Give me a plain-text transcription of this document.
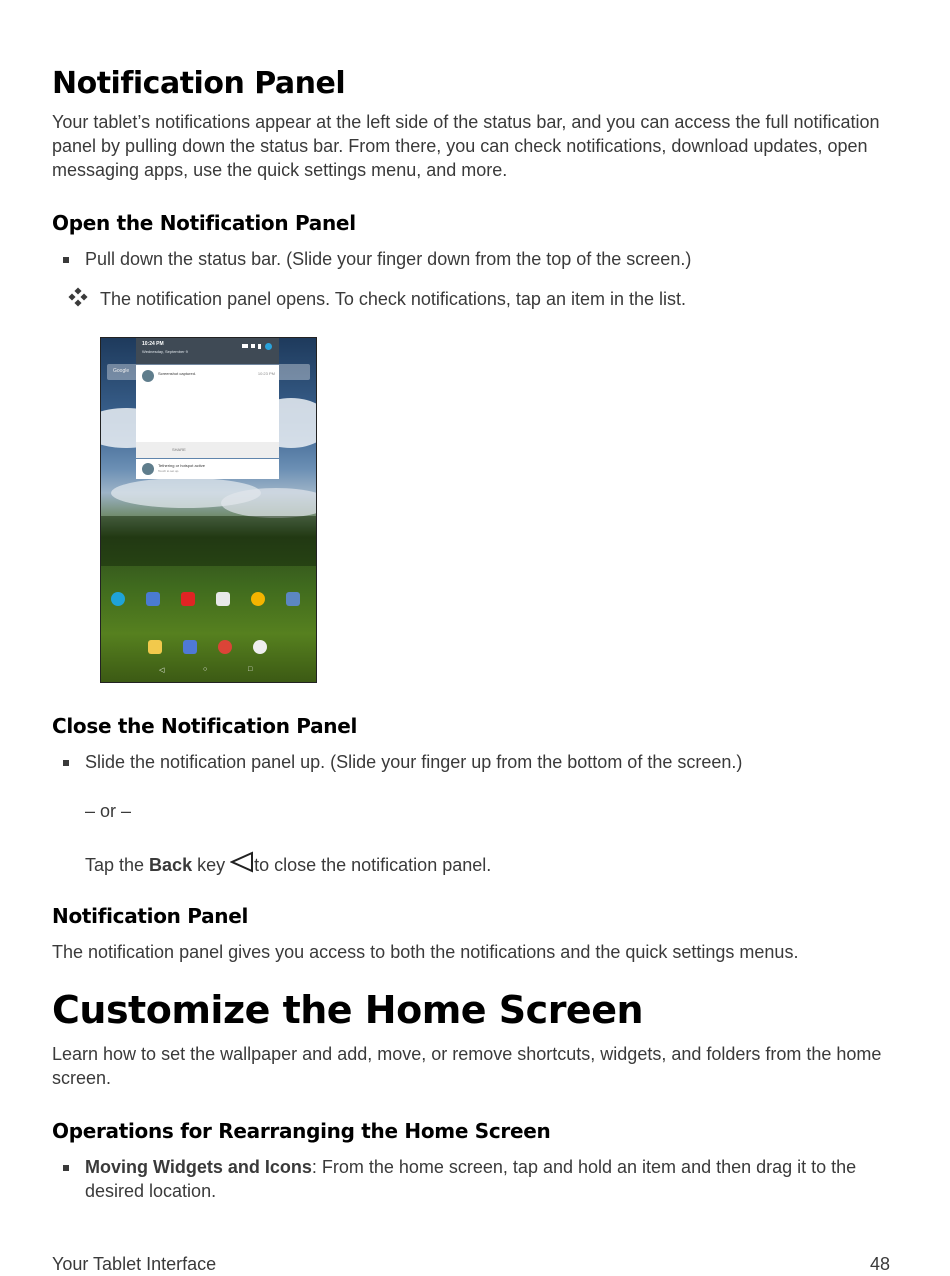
Notification Panel

Your tablet’s notifications appear at the left side of the status bar, and you can access the full notification panel by pulling down the status bar. From there, you can check notifications, download updates, open messaging apps, use the quick settings menu, and more.

Open the Notification Panel
Pull down the status bar. (Slide your finger down from the top of the screen.)
The notification panel opens. To check notifications, tap an item in the list.
Close the Notification Panel
Slide the notification panel up. (Slide your finger up from the bottom of the screen.)
– or –
Tap the Back key to close the notification panel.
Notification Panel

The notification panel gives you access to both the notifications and the quick settings menus.

Customize the Home Screen

Learn how to set the wallpaper and add, move, or remove shortcuts, widgets, and folders from the home screen.

Operations for Rearranging the Home Screen
Moving Widgets and Icons: From the home screen, tap and hold an item and then drag it to the desired location.
Your Tablet Interface	48
Google
10:24 PM
Wednesday, September 9
Screenshot captured.	10:23 PM
SHARE
Tethering or hotspot active
Touch to set up.
◁	○	□
